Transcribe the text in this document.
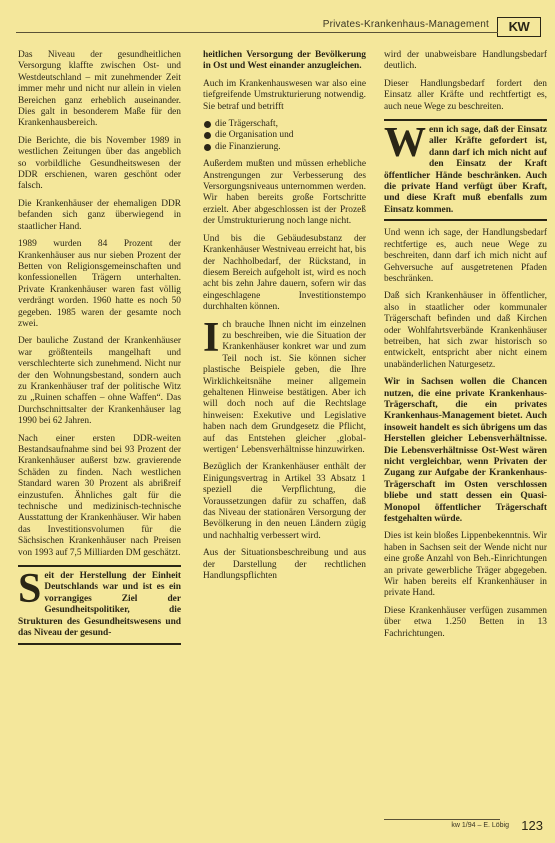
Privates-Krankenhaus-Management	KW

Das Niveau der gesundheitlichen Versorgung klaffte zwischen Ost- und Westdeutschland – mit zunehmender Zeit immer mehr und nicht nur allein in vielen Bereichen ganz erheblich auseinander. Dies galt in besonderem Maße für den Krankenhausbereich.

Die Berichte, die bis November 1989 in westlichen Zeitungen über das angeblich so vorbildliche Gesundheitswesen der DDR erschienen, waren geschönt oder falsch.

Die Krankenhäuser der ehemaligen DDR befanden sich ganz überwiegend in staatlicher Hand.

1989 wurden 84 Prozent der Krankenhäuser aus nur sieben Prozent der Betten von Religionsgemeinschaften und konfessionellen Trägern unterhalten. Private Krankenhäuser waren fast völlig verdrängt worden. 1960 hatte es noch 50 gegeben. 1985 waren der gesamte noch zwei.

Der bauliche Zustand der Krankenhäuser war größtenteils mangelhaft und verschlechterte sich zunehmend. Nicht nur der den Wohnungsbestand, sondern auch zu Krankenhäuser traf der politische Witz zu „Ruinen schaffen – ohne Waffen“. Das Durchschnittsalter der Krankenhäuser lag 1990 bei 62 Jahren.

Nach einer ersten DDR-weiten Bestandsaufnahme sind bei 93 Prozent der Krankenhäuser außerst bzw. gravierende Schäden zu finden. Nach westlichen Standard waren 30 Prozent als abrißreif einzustufen. Ähnliches galt für die technische und medizinisch-technische Ausstattung der Krankenhäuser. Wir haben das Investitionsvolumen für die Sächsischen Krankenhäuser nach Preisen von 1993 auf 7,5 Milliarden DM geschätzt.

Seit der Herstellung der Einheit Deutschlands war und ist es ein vorrangiges Ziel der Gesundheitspolitiker, die Strukturen des Gesundheitswesens und das Niveau der gesund-

heitlichen Versorgung der Bevölkerung in Ost und West einander anzugleichen.

Auch im Krankenhauswesen war also eine tiefgreifende Umstrukturierung notwendig. Sie betraf und betrifft

die Trägerschaft,
die Organisation und
die Finanzierung.

Außerdem mußten und müssen erhebliche Anstrengungen zur Verbesserung des Versorgungsniveaus unternommen werden. Wir haben bereits große Fortschritte erzielt. Aber abgeschlossen ist der Prozeß der Umstrukturierung noch lange nicht.

Und bis die Gebäudesubstanz der Krankenhäuser Westniveau erreicht hat, bis der Nachholbedarf, der Rückstand, in diesem Bereich aufgeholt ist, wird es noch acht bis zehn Jahre dauern, sofern wir das eingeschlagene Investitionstempo durchhalten können.

Ich brauche Ihnen nicht im einzelnen zu beschreiben, wie die Situation der Krankenhäuser konkret war und zum Teil noch ist. Sie können sicher plastische Beispiele geben, die Ihre Wirklichkeitsnähe meiner allgemein gehaltenen Hinweise bestätigen. Aber ich will doch noch auf die Rechtslage hinweisen: Exekutive und Legislative haben nach dem Grundgesetz die Pflicht, auf das Entstehen gleicher ‚global-wertigen‘ Lebensverhältnisse hinzuwirken.

Bezüglich der Krankenhäuser enthält der Einigungsvertrag in Artikel 33 Absatz 1 speziell die Verpflichtung, die Voraussetzungen dafür zu schaffen, daß das Niveau der stationären Versorgung der Bevölkerung in den neuen Ländern zügig und nachhaltig verbessert wird.

Aus der Situationsbeschreibung und aus der Darstellung der rechtlichen Handlungspflichten

wird der unabweisbare Handlungsbedarf deutlich.

Dieser Handlungsbedarf fordert den Einsatz aller Kräfte und rechtfertigt es, auch neue Wege zu beschreiten.

Wenn ich sage, daß der Einsatz aller Kräfte gefordert ist, dann darf ich mich nicht auf den Einsatz der Kraft öffentlicher Hände beschränken. Auch die private Hand verfügt über Kraft, und diese Kraft muß ebenfalls zum Einsatz kommen.

Und wenn ich sage, der Handlungsbedarf rechtfertige es, auch neue Wege zu beschreiten, dann darf ich mich nicht auf Gehversuche auf ausgetretenen Pfaden beschränken.

Daß sich Krankenhäuser in öffentlicher, also in staatlicher oder kommunaler Trägerschaft befinden und daß Kirchen oder Wohlfahrtsverbände Krankenhäuser betreiben, hat sich zwar historisch so entwickelt, entspricht aber nicht einem unabänderlichen Naturgesetz.

Wir in Sachsen wollen die Chancen nutzen, die eine private Krankenhaus-Trägerschaft, die ein privates Krankenhaus-Management bietet. Auch insoweit handelt es sich übrigens um das Herstellen gleicher Lebensverhältnisse. Die Lebensverhältnisse Ost-West wären nicht vergleichbar, wenn Privaten der Zugang zur Aufgabe der Krankenhaus-Trägerschaft im Osten verschlossen bliebe und statt dessen ein Quasi-Monopol öffentlicher Trägerschaft festgehalten würde.

Dies ist kein bloßes Lippenbekenntnis. Wir haben in Sachsen seit der Wende nicht nur eine große Anzahl von Beh.-Einrichtungen an private gewerbliche Träger abgegeben. Wir haben bereits elf Krankenhäuser in private Hand.

Diese Krankenhäuser verfügen zusammen über etwa 1.250 Betten in 13 Fachrichtungen.

kw 1/94 – E. Löbig 123
